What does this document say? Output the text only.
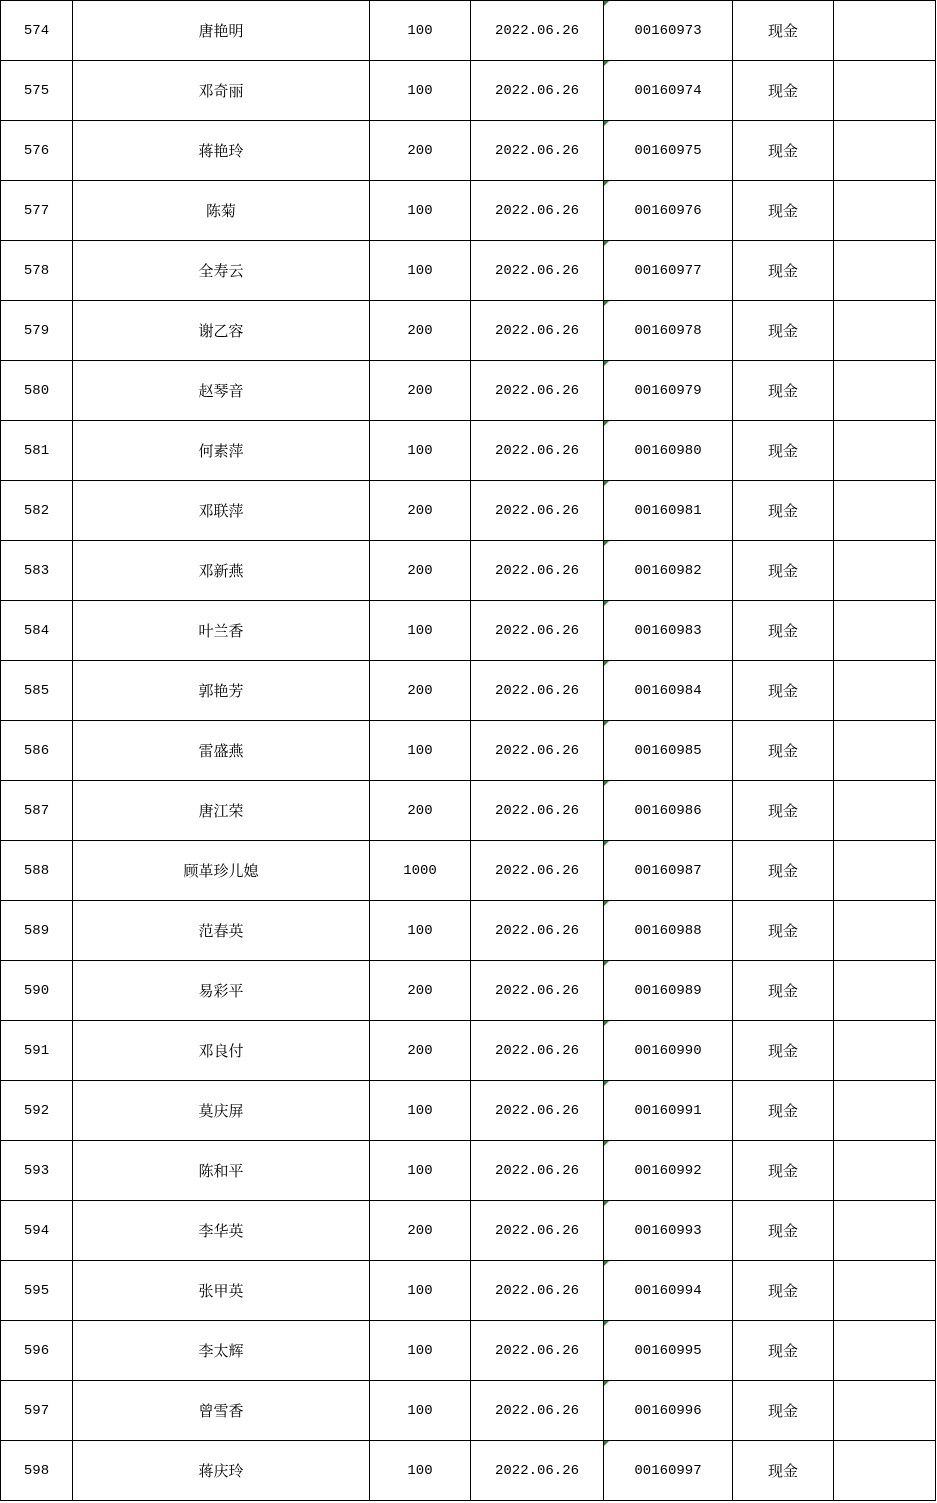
574	唐艳明	100	2022.06.26	00160973	现金	
575	邓奇丽	100	2022.06.26	00160974	现金	
576	蒋艳玲	200	2022.06.26	00160975	现金	
577	陈菊	100	2022.06.26	00160976	现金	
578	全寿云	100	2022.06.26	00160977	现金	
579	谢乙容	200	2022.06.26	00160978	现金	
580	赵琴音	200	2022.06.26	00160979	现金	
581	何素萍	100	2022.06.26	00160980	现金	
582	邓联萍	200	2022.06.26	00160981	现金	
583	邓新燕	200	2022.06.26	00160982	现金	
584	叶兰香	100	2022.06.26	00160983	现金	
585	郭艳芳	200	2022.06.26	00160984	现金	
586	雷盛燕	100	2022.06.26	00160985	现金	
587	唐江荣	200	2022.06.26	00160986	现金	
588	顾革珍儿媳	1000	2022.06.26	00160987	现金	
589	范春英	100	2022.06.26	00160988	现金	
590	易彩平	200	2022.06.26	00160989	现金	
591	邓良付	200	2022.06.26	00160990	现金	
592	莫庆屏	100	2022.06.26	00160991	现金	
593	陈和平	100	2022.06.26	00160992	现金	
594	李华英	200	2022.06.26	00160993	现金	
595	张甲英	100	2022.06.26	00160994	现金	
596	李太辉	100	2022.06.26	00160995	现金	
597	曾雪香	100	2022.06.26	00160996	现金	
598	蒋庆玲	100	2022.06.26	00160997	现金	
